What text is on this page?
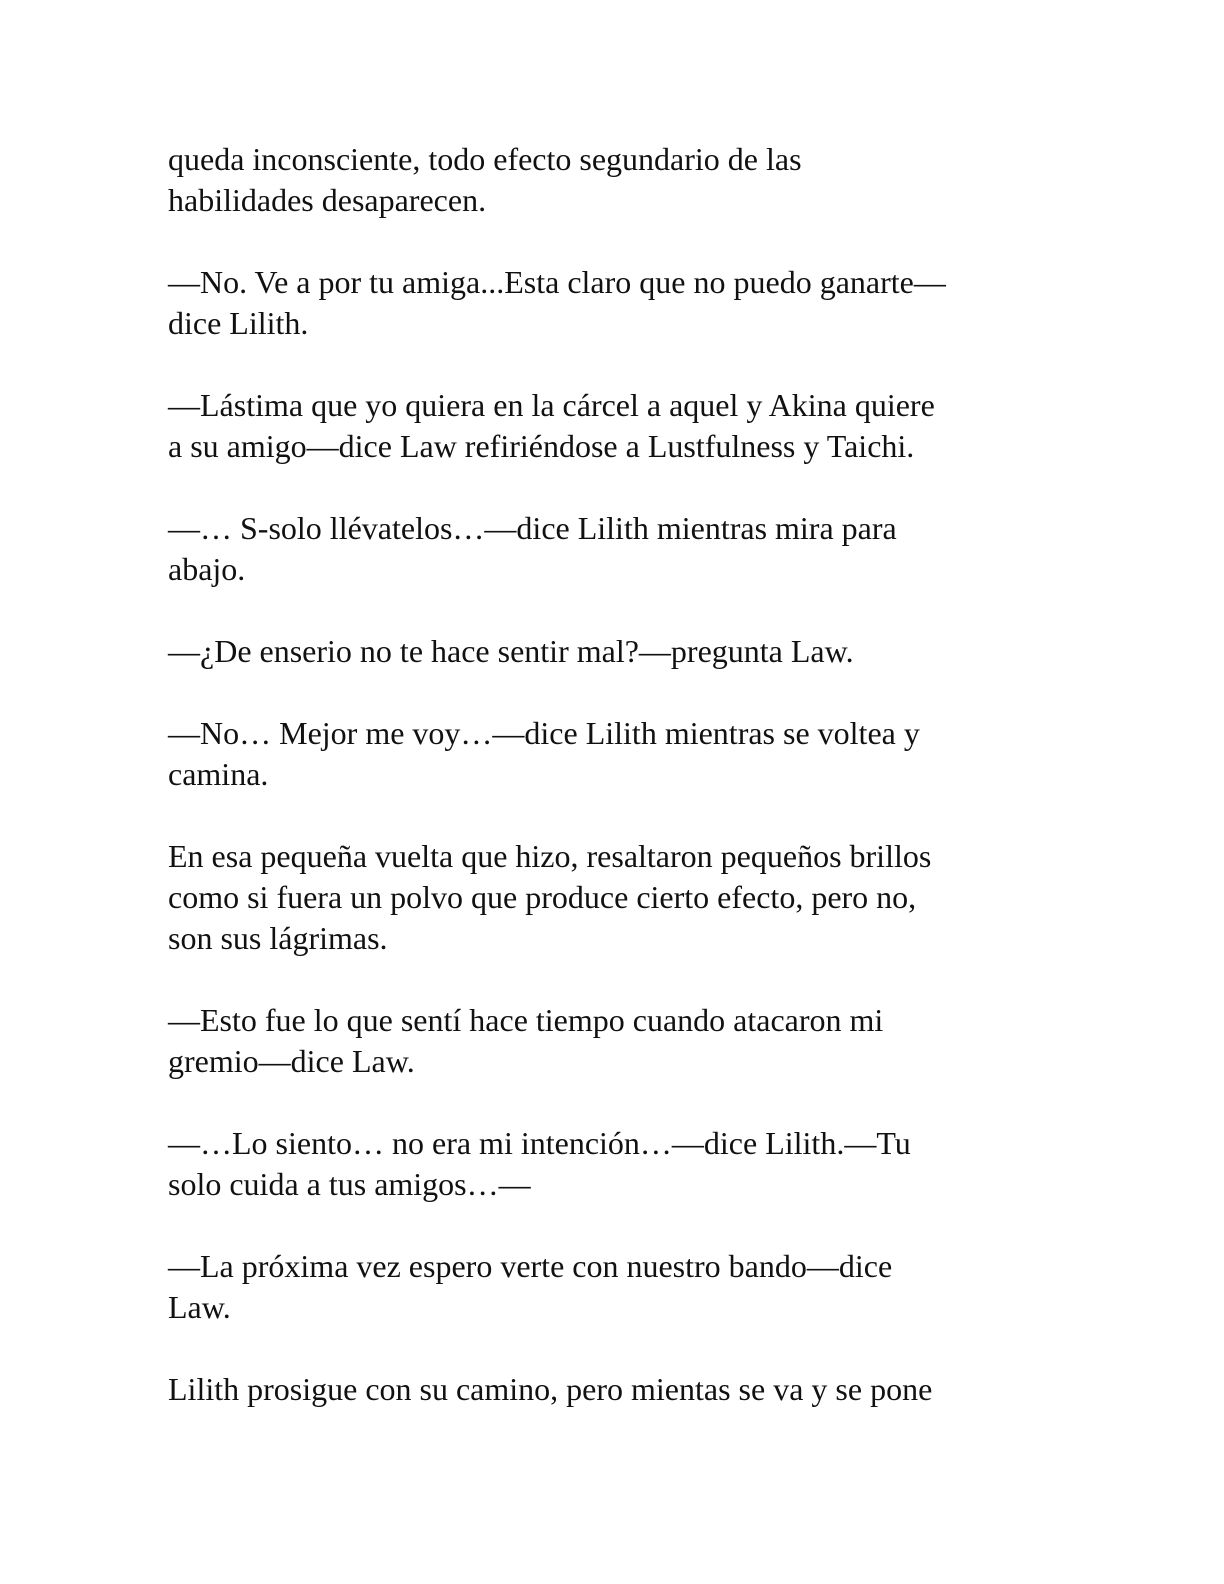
queda inconsciente, todo efecto segundario de las
habilidades desaparecen.

—No. Ve a por tu amiga...Esta claro que no puedo ganarte—
dice Lilith.

—Lástima que yo quiera en la cárcel a aquel y Akina quiere
a su amigo—dice Law refiriéndose a Lustfulness y Taichi.

—… S-solo llévatelos…—dice Lilith mientras mira para
abajo.

—¿De enserio no te hace sentir mal?—pregunta Law.

—No… Mejor me voy…—dice Lilith mientras se voltea y
camina.

En esa pequeña vuelta que hizo, resaltaron pequeños brillos
como si fuera un polvo que produce cierto efecto, pero no,
son sus lágrimas.

—Esto fue lo que sentí hace tiempo cuando atacaron mi
gremio—dice Law.

—…Lo siento… no era mi intención…—dice Lilith.—Tu
solo cuida a tus amigos…—

—La próxima vez espero verte con nuestro bando—dice
Law.

Lilith prosigue con su camino, pero mientas se va y se pone
